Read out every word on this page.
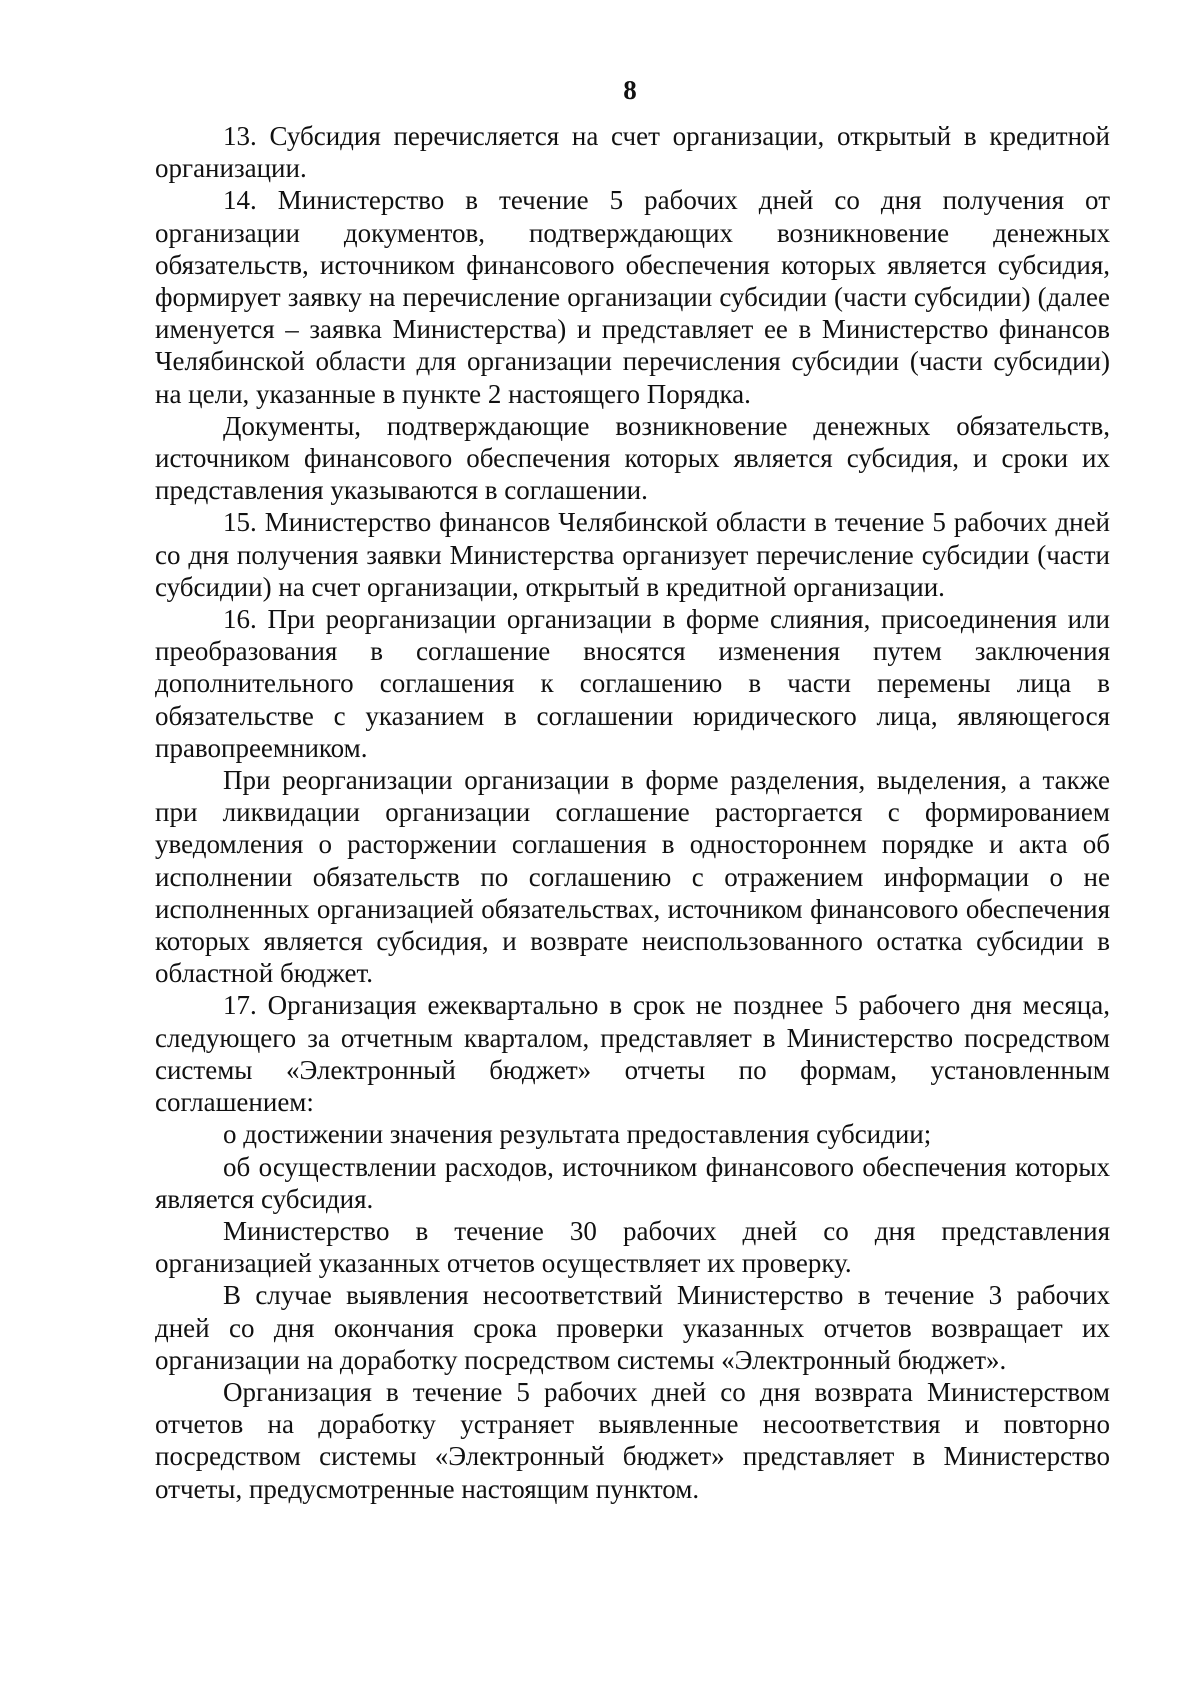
8

13. Субсидия перечисляется на счет организации, открытый в кредитной организации.

14. Министерство в течение 5 рабочих дней со дня получения от организации документов, подтверждающих возникновение денежных обязательств, источником финансового обеспечения которых является субсидия, формирует заявку на перечисление организации субсидии (части субсидии) (далее именуется – заявка Министерства) и представляет ее в Министерство финансов Челябинской области для организации перечисления субсидии (части субсидии) на цели, указанные в пункте 2 настоящего Порядка.

Документы, подтверждающие возникновение денежных обязательств, источником финансового обеспечения которых является субсидия, и сроки их представления указываются в соглашении.

15. Министерство финансов Челябинской области в течение 5 рабочих дней со дня получения заявки Министерства организует перечисление субсидии (части субсидии) на счет организации, открытый в кредитной организации.

16. При реорганизации организации в форме слияния, присоединения или преобразования в соглашение вносятся изменения путем заключения дополнительного соглашения к соглашению в части перемены лица в обязательстве с указанием в соглашении юридического лица, являющегося правопреемником.

При реорганизации организации в форме разделения, выделения, а также при ликвидации организации соглашение расторгается с формированием уведомления о расторжении соглашения в одностороннем порядке и акта об исполнении обязательств по соглашению с отражением информации о не исполненных организацией обязательствах, источником финансового обеспечения которых является субсидия, и возврате неиспользованного остатка субсидии в областной бюджет.

17. Организация ежеквартально в срок не позднее 5 рабочего дня месяца, следующего за отчетным кварталом, представляет в Министерство посредством системы «Электронный бюджет» отчеты по формам, установленным соглашением:

о достижении значения результата предоставления субсидии;

об осуществлении расходов, источником финансового обеспечения которых является субсидия.

Министерство в течение 30 рабочих дней со дня представления организацией указанных отчетов осуществляет их проверку.

В случае выявления несоответствий Министерство в течение 3 рабочих дней со дня окончания срока проверки указанных отчетов возвращает их организации на доработку посредством системы «Электронный бюджет».

Организация в течение 5 рабочих дней со дня возврата Министерством отчетов на доработку устраняет выявленные несоответствия и повторно посредством системы «Электронный бюджет» представляет в Министерство отчеты, предусмотренные настоящим пунктом.
